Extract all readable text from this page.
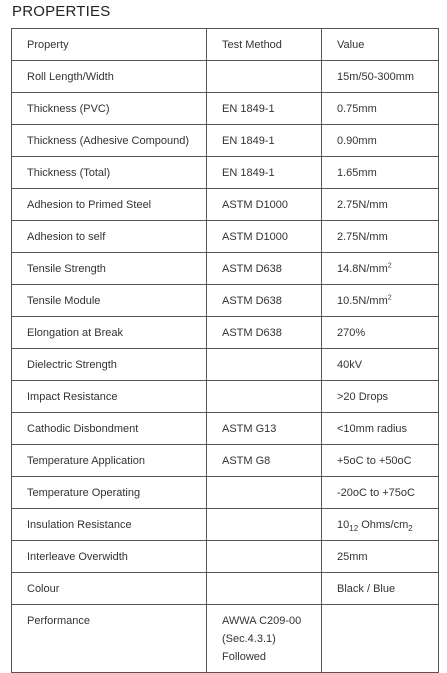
PROPERTIES
Property	Test Method	Value
Roll Length/Width		15m/50-300mm
Thickness (PVC)	EN 1849-1	0.75mm
Thickness (Adhesive Compound)	EN 1849-1	0.90mm
Thickness (Total)	EN 1849-1	1.65mm
Adhesion to Primed Steel	ASTM D1000	2.75N/mm
Adhesion to self	ASTM D1000	2.75N/mm
Tensile Strength	ASTM D638	$14.8N/mm^2$
Tensile Module	ASTM D638	$10.5N/mm^2$
Elongation at Break	ASTM D638	270%
Dielectric Strength		40kV
Impact Resistance		>20 Drops
Cathodic Disbondment	ASTM G13	<10mm radius
Temperature Application	ASTM G8	+5oC to +50oC
Temperature Operating		-20oC to +75oC
Insulation Resistance		$10_{12}$ Ohms/$cm_2$
Interleave Overwidth		25mm
Colour		Black / Blue
Performance	AWWA C209-00 (Sec.4.3.1) Followed	
